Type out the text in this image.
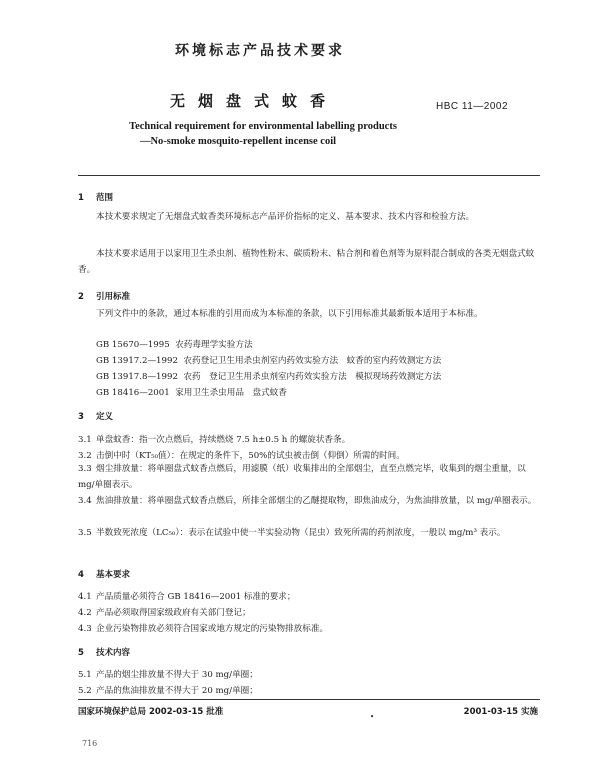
环境标志产品技术要求
无烟盘式蚊香	HBC 11—2002
Technical requirement for environmental labelling products
—No-smoke mosquito-repellent incense coil
1 范围
本技术要求规定了无烟盘式蚊香类环境标志产品评价指标的定义、基本要求、技术内容和检验方法。
本技术要求适用于以家用卫生杀虫剂、植物性粉末、碳质粉末、粘合剂和着色剂等为原料混合制成的各类无烟盘式蚊香。
2 引用标准
下列文件中的条款，通过本标准的引用而成为本标准的条款，以下引用标准其最新版本适用于本标准。
GB 15670—1995 农药毒理学实验方法
GB 13917.2—1992 农药登记卫生用杀虫剂室内药效实验方法　蚊香的室内药效测定方法
GB 13917.8—1992 农药　登记卫生用杀虫剂室内药效实验方法　模拟现场药效测定方法
GB 18416—2001 家用卫生杀虫用品　盘式蚊香
3 定义
3.1 单盘蚊香：指一次点燃后，持续燃烧 7.5 h±0.5 h 的螺旋状香条。
3.2 击倒中时（KT₅₀值）：在规定的条件下，50%的试虫被击倒（仰倒）所需的时间。
3.3 烟尘排放量：将单圈盘式蚊香点燃后，用滤膜（纸）收集排出的全部烟尘，直至点燃完毕，收集到的烟尘重量，以 mg/单圈表示。
3.4 焦油排放量：将单圈盘式蚊香点燃后，所排全部烟尘的乙醚提取物，即焦油成分，为焦油排放量，以 mg/单圈表示。
3.5 半数致死浓度（LC₅₀）：表示在试验中使一半实验动物（昆虫）致死所需的药剂浓度，一般以 mg/m³ 表示。
4 基本要求
4.1 产品质量必须符合 GB 18416—2001 标准的要求；
4.2 产品必须取得国家级政府有关部门登记；
4.3 企业污染物排放必须符合国家或地方规定的污染物排放标准。
5 技术内容
5.1 产品的烟尘排放量不得大于 30 mg/单圈；
5.2 产品的焦油排放量不得大于 20 mg/单圈；
国家环境保护总局 2002-03-15 批准	2001-03-15 实施
•
716
